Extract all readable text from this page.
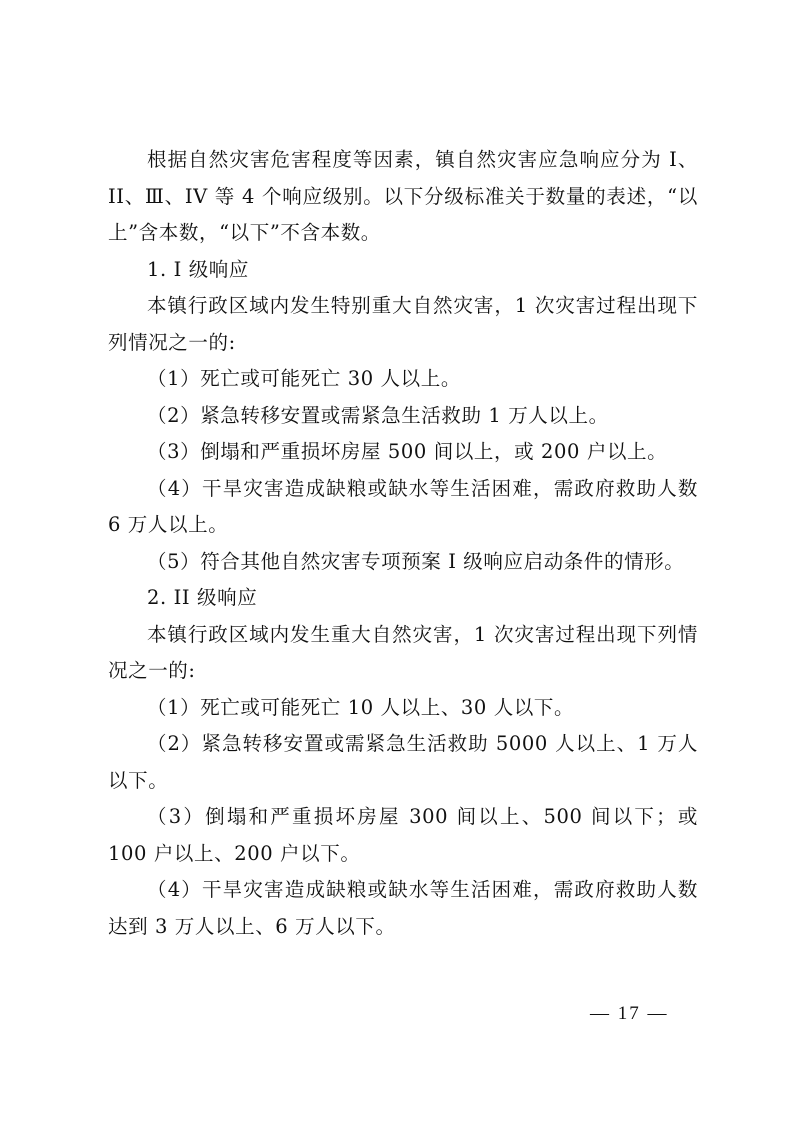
根据自然灾害危害程度等因素，镇自然灾害应急响应分为 I、II、Ⅲ、IV 等 4 个响应级别。以下分级标准关于数量的表述，“以上”含本数，“以下”不含本数。

1. I 级响应

本镇行政区域内发生特别重大自然灾害，1 次灾害过程出现下列情况之一的:

（1）死亡或可能死亡 30 人以上。

（2）紧急转移安置或需紧急生活救助 1 万人以上。

（3）倒塌和严重损坏房屋 500 间以上，或 200 户以上。

（4）干旱灾害造成缺粮或缺水等生活困难，需政府救助人数 6 万人以上。

（5）符合其他自然灾害专项预案 I 级响应启动条件的情形。

2. II 级响应

本镇行政区域内发生重大自然灾害，1 次灾害过程出现下列情况之一的:

（1）死亡或可能死亡 10 人以上、30 人以下。

（2）紧急转移安置或需紧急生活救助 5000 人以上、1 万人以下。

（3）倒塌和严重损坏房屋 300 间以上、500 间以下；或 100 户以上、200 户以下。

（4）干旱灾害造成缺粮或缺水等生活困难，需政府救助人数达到 3 万人以上、6 万人以下。

— 17 —
